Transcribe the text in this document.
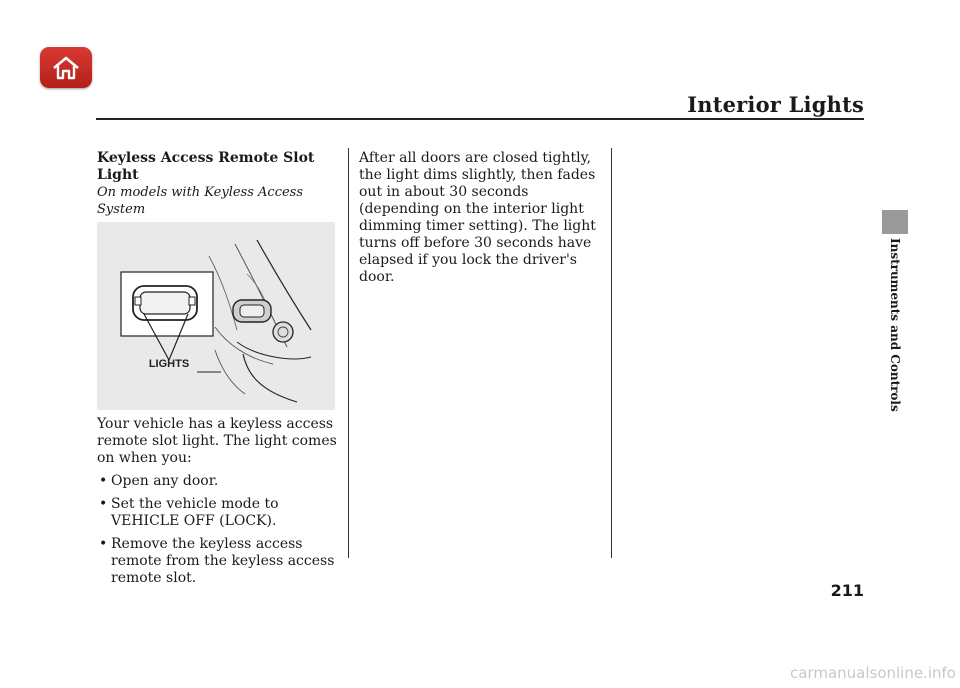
Interior Lights
Instruments and Controls
Keyless Access Remote Slot Light
On models with Keyless Access System
LIGHTS

Your vehicle has a keyless access remote slot light. The light comes on when you:

• Open any door.
• Set the vehicle mode to VEHICLE OFF (LOCK).
• Remove the keyless access remote from the keyless access remote slot.

After all doors are closed tightly, the light dims slightly, then fades out in about 30 seconds (depending on the interior light dimming timer setting). The light turns off before 30 seconds have elapsed if you lock the driver's door.

211
carmanualsonline.info
